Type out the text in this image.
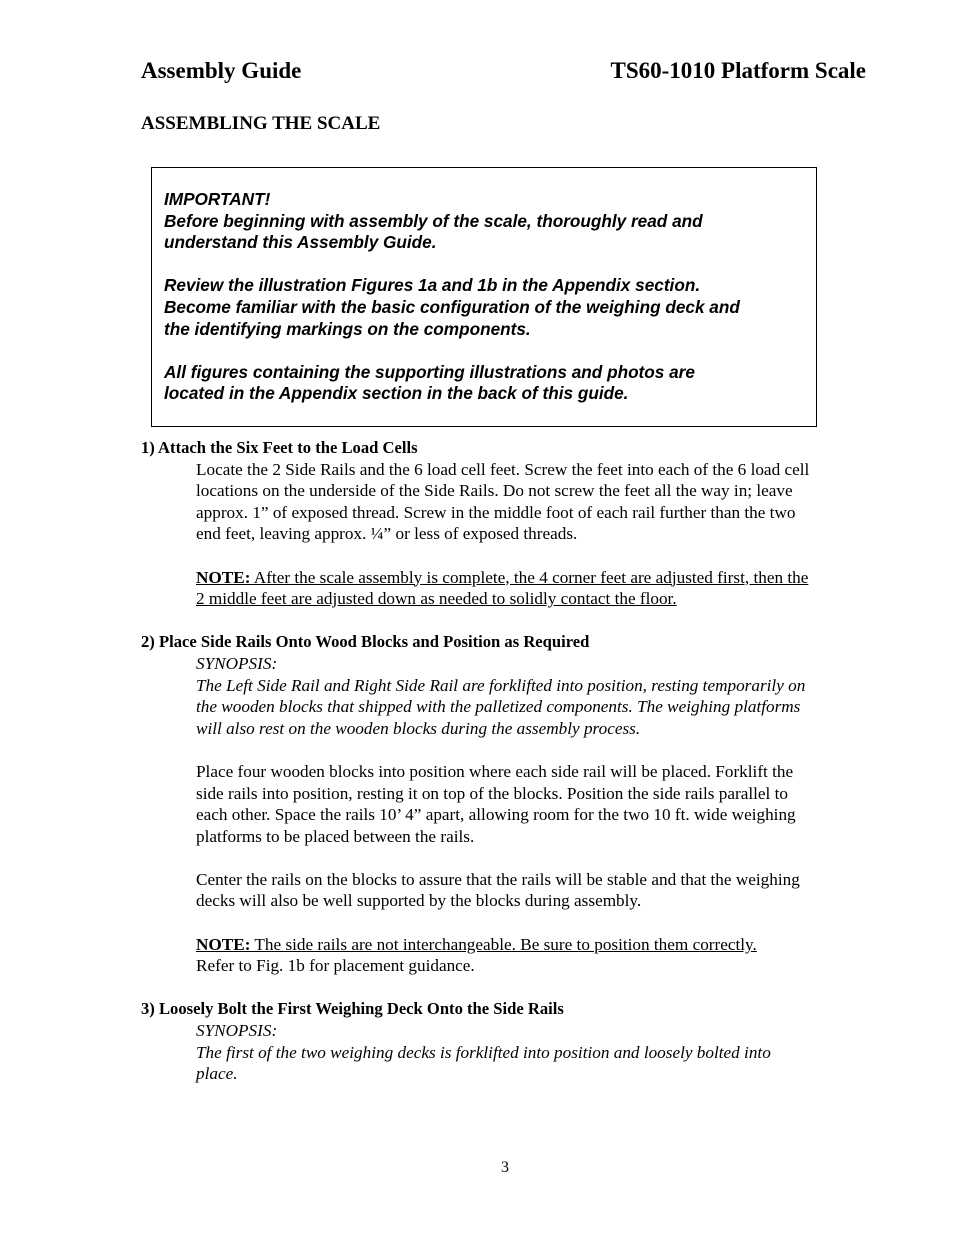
Assembly Guide	TS60-1010 Platform Scale
ASSEMBLING THE SCALE

IMPORTANT!
Before beginning with assembly of the scale, thoroughly read and
understand this Assembly Guide.

Review the illustration Figures 1a and 1b in the Appendix section.
Become familiar with the basic configuration of the weighing deck and
the identifying markings on the components.

All figures containing the supporting illustrations and photos are
located in the Appendix section in the back of this guide.

1) Attach the Six Feet to the Load Cells
Locate the 2 Side Rails and the 6 load cell feet. Screw the feet into each of the 6 load cell
locations on the underside of the Side Rails. Do not screw the feet all the way in; leave
approx. 1” of exposed thread. Screw in the middle foot of each rail further than the two
end feet, leaving approx. ¼” or less of exposed threads.
NOTE: After the scale assembly is complete, the 4 corner feet are adjusted first, then the
2 middle feet are adjusted down as needed to solidly contact the floor.
2) Place Side Rails Onto Wood Blocks and Position as Required
SYNOPSIS:
The Left Side Rail and Right Side Rail are forklifted into position, resting temporarily on
the wooden blocks that shipped with the palletized components. The weighing platforms
will also rest on the wooden blocks during the assembly process.
Place four wooden blocks into position where each side rail will be placed. Forklift the
side rails into position, resting it on top of the blocks. Position the side rails parallel to
each other. Space the rails 10’ 4” apart, allowing room for the two 10 ft. wide weighing
platforms to be placed between the rails.
Center the rails on the blocks to assure that the rails will be stable and that the weighing
decks will also be well supported by the blocks during assembly.
NOTE: The side rails are not interchangeable. Be sure to position them correctly.
Refer to Fig. 1b for placement guidance.
3) Loosely Bolt the First Weighing Deck Onto the Side Rails
SYNOPSIS:
The first of the two weighing decks is forklifted into position and loosely bolted into
place.
3
